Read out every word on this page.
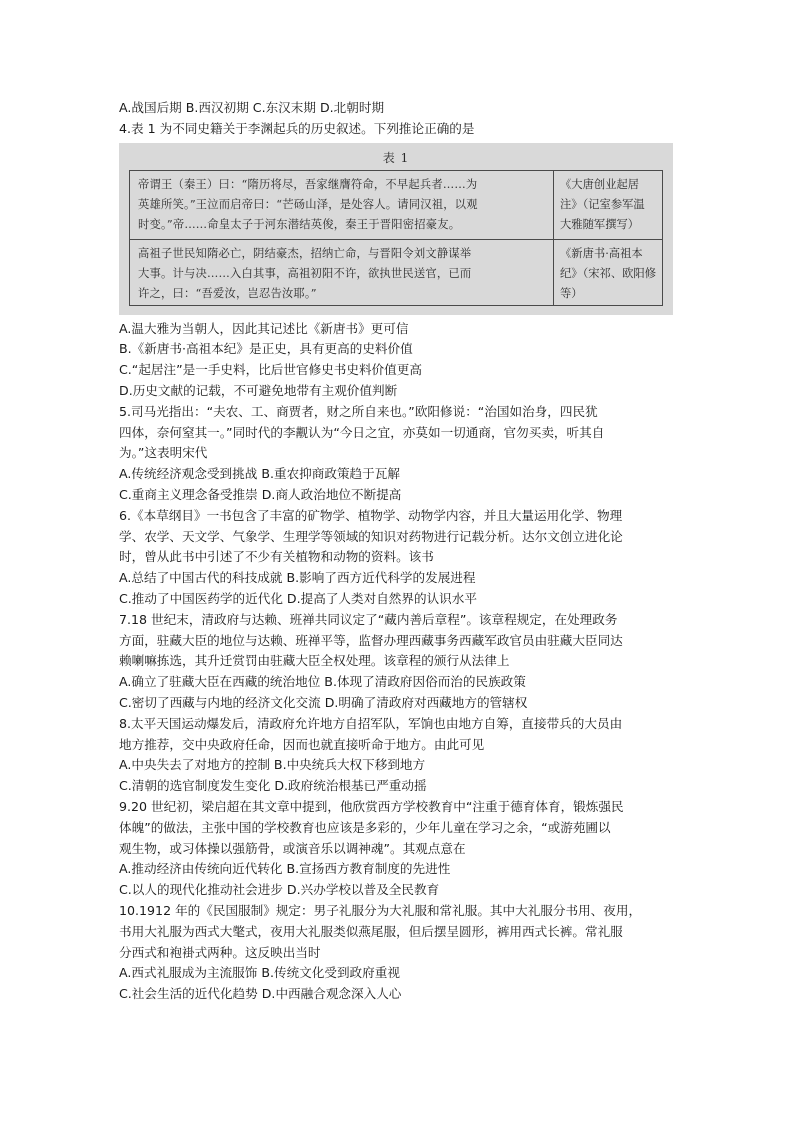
A.战国后期 B.西汉初期 C.东汉末期 D.北朝时期
4.表 1 为不同史籍关于李渊起兵的历史叙述。下列推论正确的是
表 1
帝谓王（秦王）曰：“隋历将尽，吾家继膺符命，不早起兵者……为
英雄所笑。”王泣而启帝曰：“芒砀山泽，是处容人。请同汉祖，以观
时变。”帝……命皇太子于河东潜结英俊，秦王于晋阳密招豪友。
《大唐创业起居
注》（记室参军温
大雅随军撰写）
高祖子世民知隋必亡，阴结豪杰，招纳亡命，与晋阳令刘文静谋举
大事。计与决……入白其事，高祖初阳不许，欲执世民送官，已而
许之，曰：“吾爱汝，岂忍告汝耶。”
《新唐书·高祖本
纪》（宋祁、欧阳修
等）
A.温大雅为当朝人，因此其记述比《新唐书》更可信
B.《新唐书·高祖本纪》是正史，具有更高的史料价值
C.“起居注”是一手史料，比后世官修史书史料价值更高
D.历史文献的记载，不可避免地带有主观价值判断
5.司马光指出：“夫农、工、商贾者，财之所自来也。”欧阳修说：“治国如治身，四民犹
四体，奈何窒其一。”同时代的李觏认为“今日之宜，亦莫如一切通商，官勿买卖，听其自
为。”这表明宋代
A.传统经济观念受到挑战 B.重农抑商政策趋于瓦解
C.重商主义理念备受推崇 D.商人政治地位不断提高
6.《本草纲目》一书包含了丰富的矿物学、植物学、动物学内容，并且大量运用化学、物理
学、农学、天文学、气象学、生理学等领域的知识对药物进行记载分析。达尔文创立进化论
时，曾从此书中引述了不少有关植物和动物的资料。该书
A.总结了中国古代的科技成就 B.影响了西方近代科学的发展进程
C.推动了中国医药学的近代化 D.提高了人类对自然界的认识水平
7.18 世纪末，清政府与达赖、班禅共同议定了“藏内善后章程”。该章程规定，在处理政务
方面，驻藏大臣的地位与达赖、班禅平等，监督办理西藏事务西藏军政官员由驻藏大臣同达
赖喇嘛拣选，其升迁赏罚由驻藏大臣全权处理。该章程的颁行从法律上
A.确立了驻藏大臣在西藏的统治地位 B.体现了清政府因俗而治的民族政策
C.密切了西藏与内地的经济文化交流 D.明确了清政府对西藏地方的管辖权
8.太平天国运动爆发后，清政府允许地方自招军队，军饷也由地方自筹，直接带兵的大员由
地方推荐，交中央政府任命，因而也就直接听命于地方。由此可见
A.中央失去了对地方的控制 B.中央统兵大权下移到地方
C.清朝的选官制度发生变化 D.政府统治根基已严重动摇
9.20 世纪初，梁启超在其文章中提到，他欣赏西方学校教育中“注重于德育体育，锻炼强民
体魄”的做法，主张中国的学校教育也应该是多彩的，少年儿童在学习之余，“或游苑圃以
观生物，或习体操以强筋骨，或演音乐以调神魂”。其观点意在
A.推动经济由传统向近代转化 B.宣扬西方教育制度的先进性
C.以人的现代化推动社会进步 D.兴办学校以普及全民教育
10.1912 年的《民国服制》规定：男子礼服分为大礼服和常礼服。其中大礼服分书用、夜用，
书用大礼服为西式大氅式，夜用大礼服类似燕尾服，但后摆呈圆形，裤用西式长裤。常礼服
分西式和袍褂式两种。这反映出当时
A.西式礼服成为主流服饰 B.传统文化受到政府重视
C.社会生活的近代化趋势 D.中西融合观念深入人心
